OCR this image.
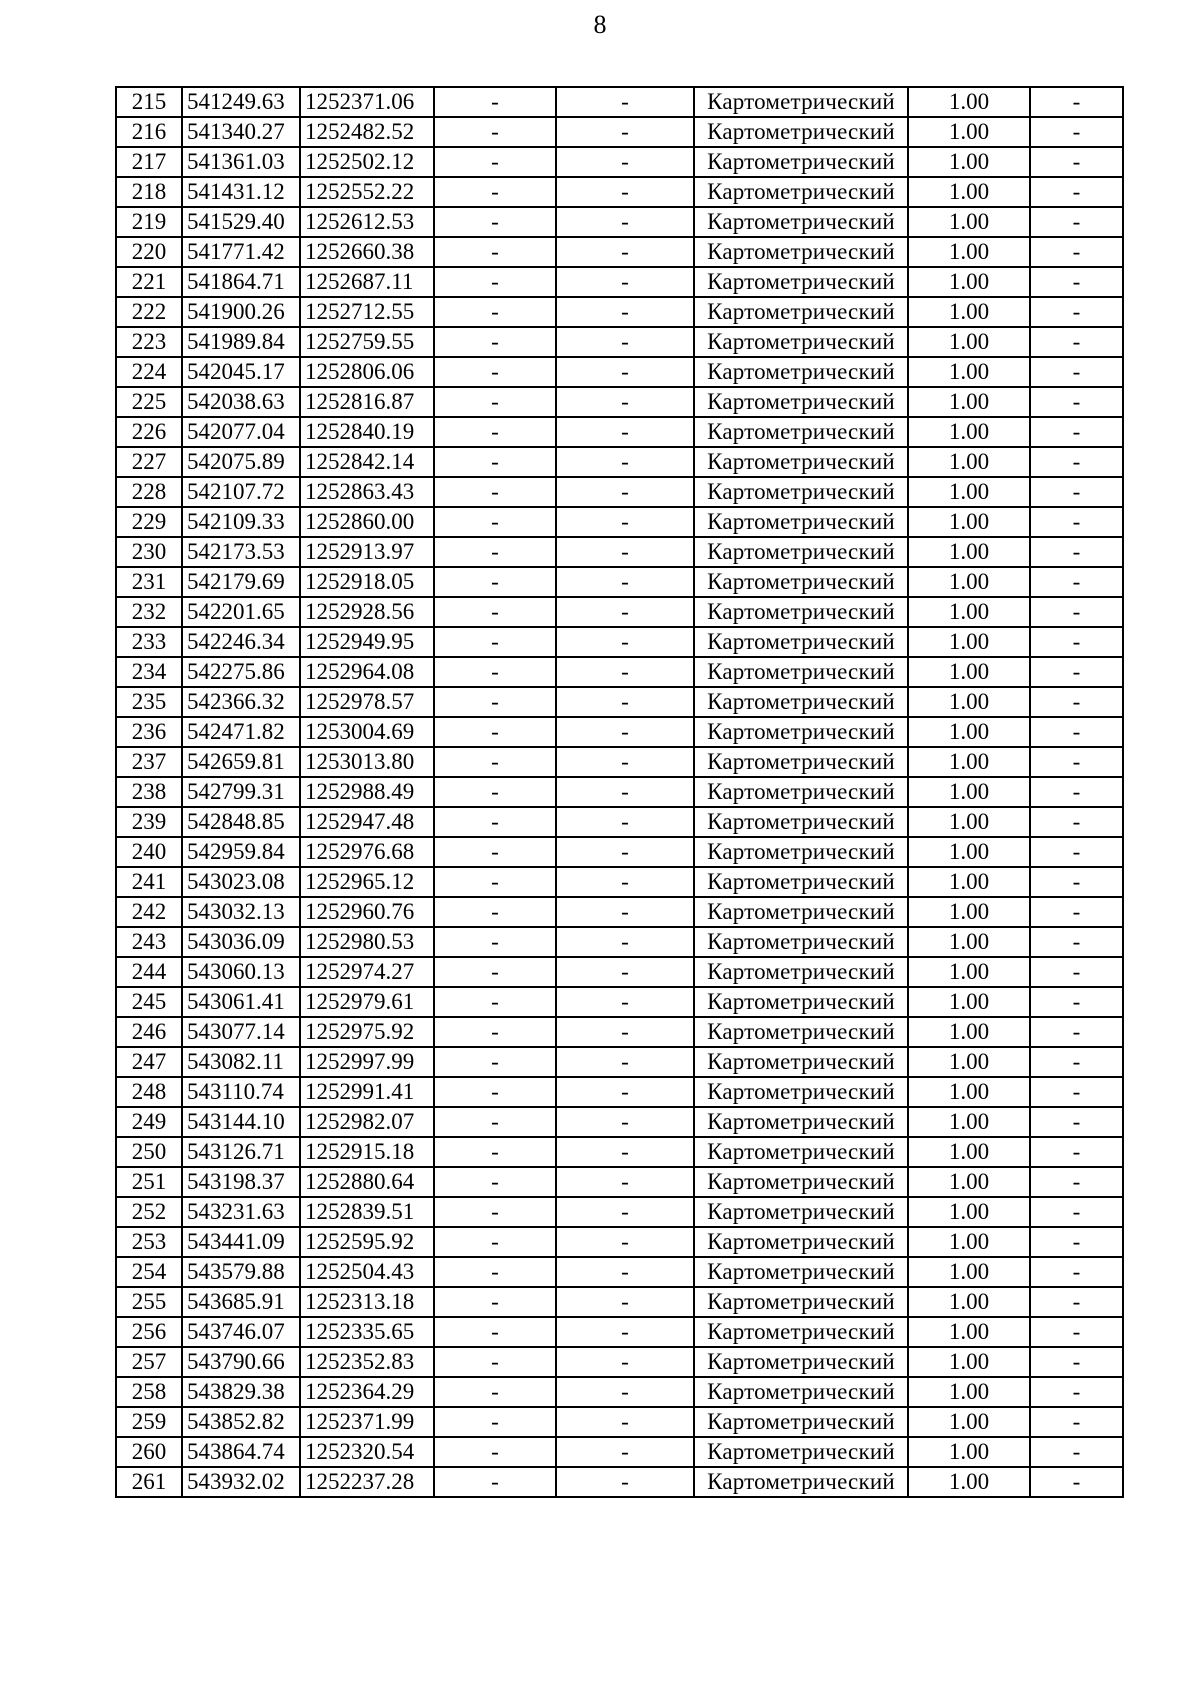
8
215	541249.63	1252371.06	-	-	Картометрический	1.00	-
216	541340.27	1252482.52	-	-	Картометрический	1.00	-
217	541361.03	1252502.12	-	-	Картометрический	1.00	-
218	541431.12	1252552.22	-	-	Картометрический	1.00	-
219	541529.40	1252612.53	-	-	Картометрический	1.00	-
220	541771.42	1252660.38	-	-	Картометрический	1.00	-
221	541864.71	1252687.11	-	-	Картометрический	1.00	-
222	541900.26	1252712.55	-	-	Картометрический	1.00	-
223	541989.84	1252759.55	-	-	Картометрический	1.00	-
224	542045.17	1252806.06	-	-	Картометрический	1.00	-
225	542038.63	1252816.87	-	-	Картометрический	1.00	-
226	542077.04	1252840.19	-	-	Картометрический	1.00	-
227	542075.89	1252842.14	-	-	Картометрический	1.00	-
228	542107.72	1252863.43	-	-	Картометрический	1.00	-
229	542109.33	1252860.00	-	-	Картометрический	1.00	-
230	542173.53	1252913.97	-	-	Картометрический	1.00	-
231	542179.69	1252918.05	-	-	Картометрический	1.00	-
232	542201.65	1252928.56	-	-	Картометрический	1.00	-
233	542246.34	1252949.95	-	-	Картометрический	1.00	-
234	542275.86	1252964.08	-	-	Картометрический	1.00	-
235	542366.32	1252978.57	-	-	Картометрический	1.00	-
236	542471.82	1253004.69	-	-	Картометрический	1.00	-
237	542659.81	1253013.80	-	-	Картометрический	1.00	-
238	542799.31	1252988.49	-	-	Картометрический	1.00	-
239	542848.85	1252947.48	-	-	Картометрический	1.00	-
240	542959.84	1252976.68	-	-	Картометрический	1.00	-
241	543023.08	1252965.12	-	-	Картометрический	1.00	-
242	543032.13	1252960.76	-	-	Картометрический	1.00	-
243	543036.09	1252980.53	-	-	Картометрический	1.00	-
244	543060.13	1252974.27	-	-	Картометрический	1.00	-
245	543061.41	1252979.61	-	-	Картометрический	1.00	-
246	543077.14	1252975.92	-	-	Картометрический	1.00	-
247	543082.11	1252997.99	-	-	Картометрический	1.00	-
248	543110.74	1252991.41	-	-	Картометрический	1.00	-
249	543144.10	1252982.07	-	-	Картометрический	1.00	-
250	543126.71	1252915.18	-	-	Картометрический	1.00	-
251	543198.37	1252880.64	-	-	Картометрический	1.00	-
252	543231.63	1252839.51	-	-	Картометрический	1.00	-
253	543441.09	1252595.92	-	-	Картометрический	1.00	-
254	543579.88	1252504.43	-	-	Картометрический	1.00	-
255	543685.91	1252313.18	-	-	Картометрический	1.00	-
256	543746.07	1252335.65	-	-	Картометрический	1.00	-
257	543790.66	1252352.83	-	-	Картометрический	1.00	-
258	543829.38	1252364.29	-	-	Картометрический	1.00	-
259	543852.82	1252371.99	-	-	Картометрический	1.00	-
260	543864.74	1252320.54	-	-	Картометрический	1.00	-
261	543932.02	1252237.28	-	-	Картометрический	1.00	-
